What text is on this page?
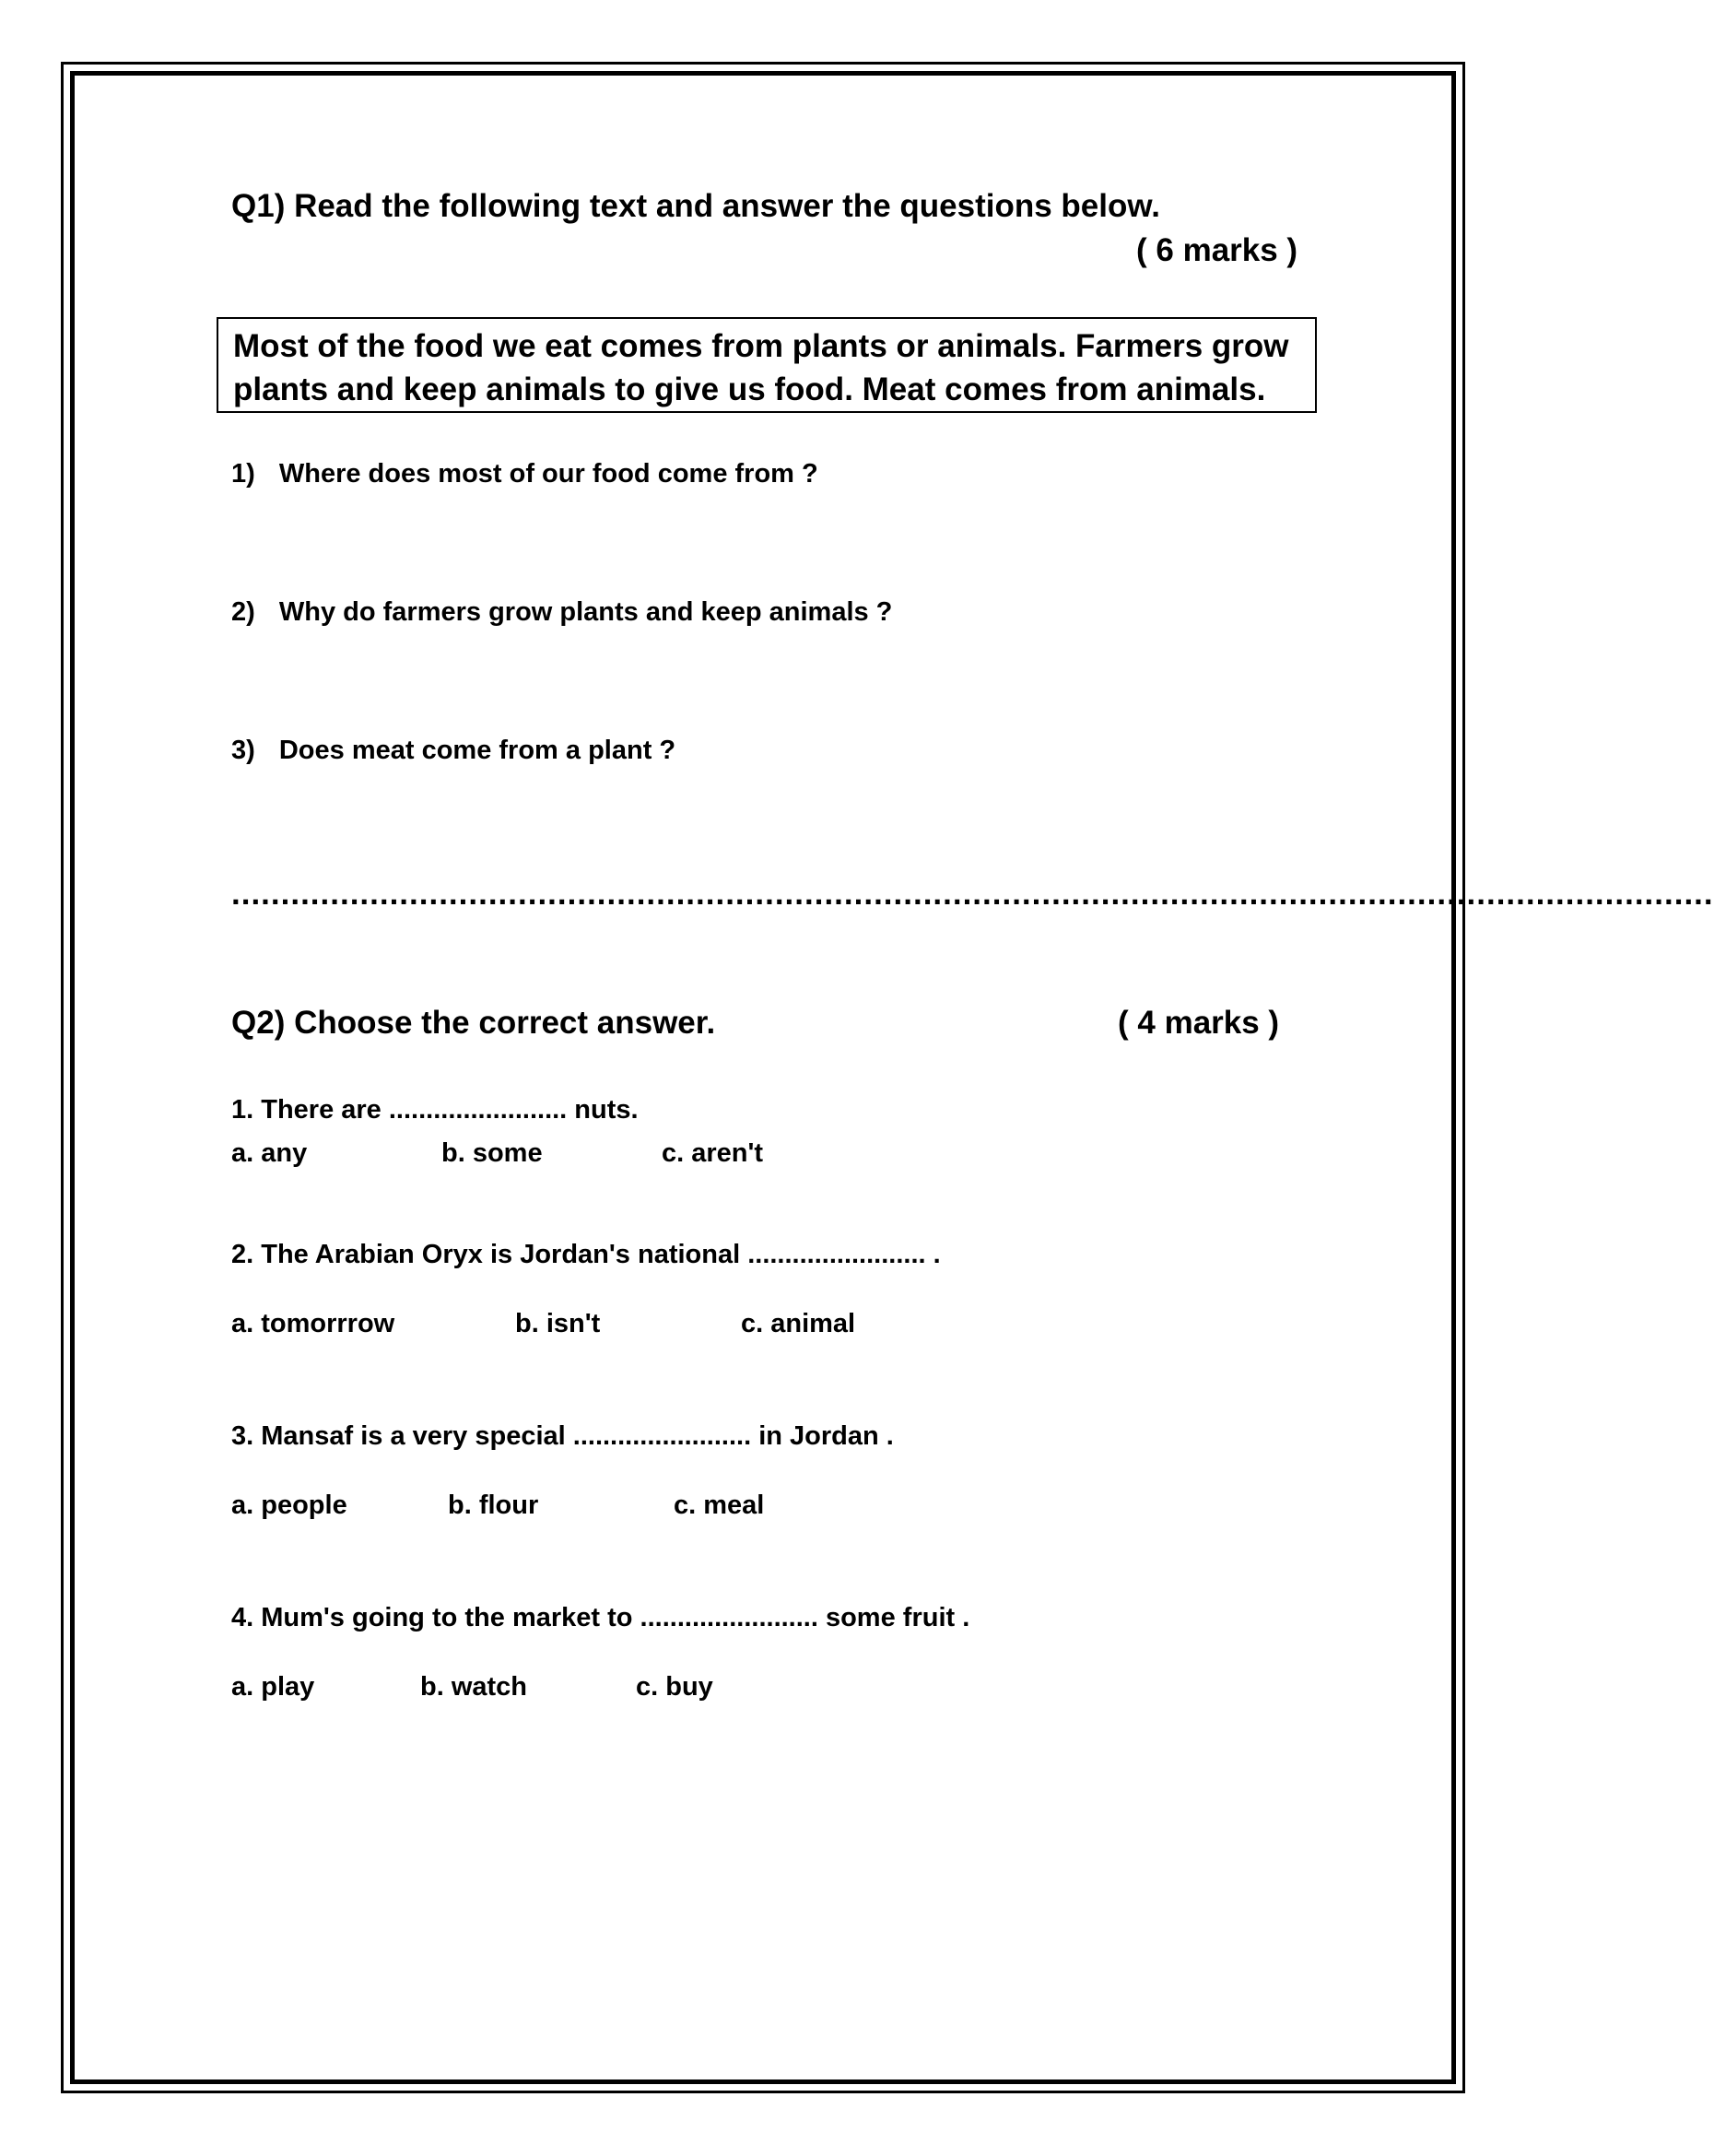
Q1) Read the following text and answer the questions below.
( 6 marks )
Most of the food we eat comes from plants or animals. Farmers grow
plants and keep animals to give us food. Meat comes from animals.
1) Where does most of our food come from ?
2) Why do farmers grow plants and keep animals ?
3) Does meat come from a plant ?
......................................................................................................................................................
Q2) Choose the correct answer.	( 4 marks )
1. There are ........................ nuts.
a. any	b. some	c. aren't
2. The Arabian Oryx is Jordan's national ........................ .
a. tomorrrow	b. isn't	c. animal
3. Mansaf is a very special ........................ in Jordan .
a. people	b. flour	c. meal
4. Mum's going to the market to ........................ some fruit .
a. play	b. watch	c. buy
